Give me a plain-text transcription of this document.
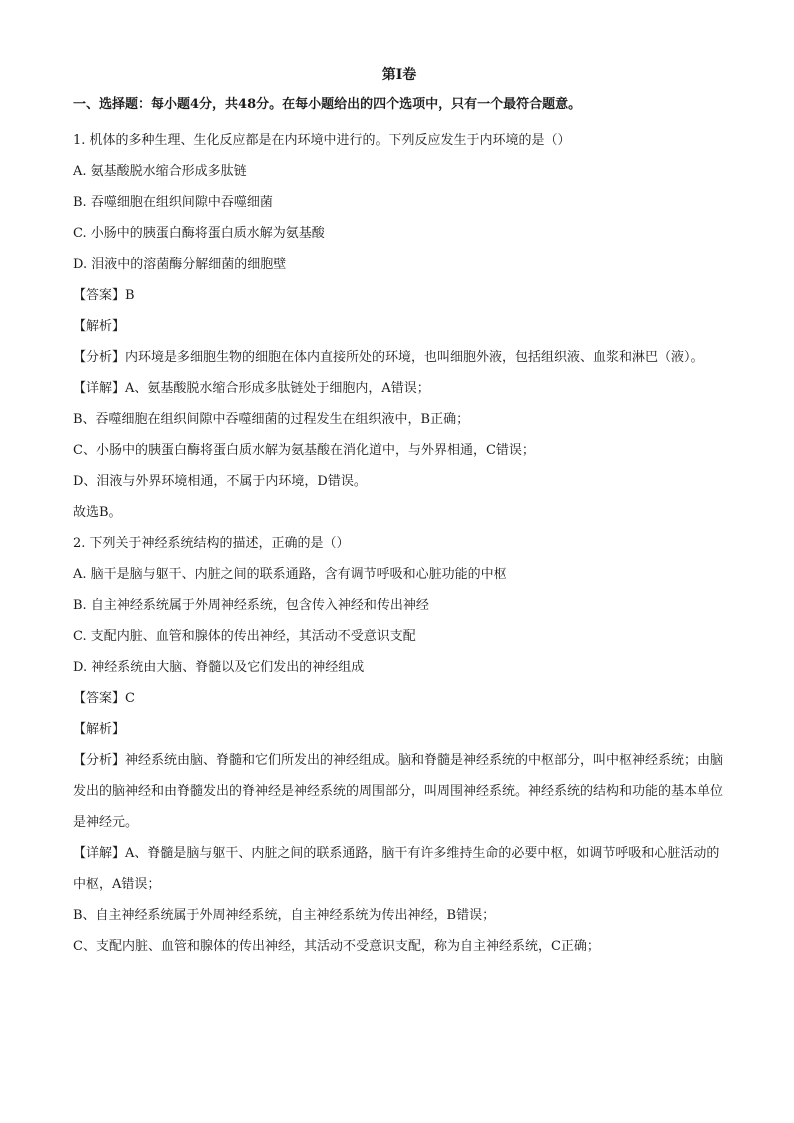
第Ⅰ卷
一、选择题：每小题4分，共48分。在每小题给出的四个选项中，只有一个最符合题意。
1. 机体的多种生理、生化反应都是在内环境中进行的。下列反应发生于内环境的是（）
A. 氨基酸脱水缩合形成多肽链
B. 吞噬细胞在组织间隙中吞噬细菌
C. 小肠中的胰蛋白酶将蛋白质水解为氨基酸
D. 泪液中的溶菌酶分解细菌的细胞壁
【答案】B
【解析】
【分析】内环境是多细胞生物的细胞在体内直接所处的环境，也叫细胞外液，包括组织液、血浆和淋巴（液）。
【详解】A、氨基酸脱水缩合形成多肽链处于细胞内，A错误；
B、吞噬细胞在组织间隙中吞噬细菌的过程发生在组织液中，B正确；
C、小肠中的胰蛋白酶将蛋白质水解为氨基酸在消化道中，与外界相通，C错误；
D、泪液与外界环境相通，不属于内环境，D错误。
故选B。
2. 下列关于神经系统结构的描述，正确的是（）
A. 脑干是脑与躯干、内脏之间的联系通路，含有调节呼吸和心脏功能的中枢
B. 自主神经系统属于外周神经系统，包含传入神经和传出神经
C. 支配内脏、血管和腺体的传出神经，其活动不受意识支配
D. 神经系统由大脑、脊髓以及它们发出的神经组成
【答案】C
【解析】
【分析】神经系统由脑、脊髓和它们所发出的神经组成。脑和脊髓是神经系统的中枢部分，叫中枢神经系统；由脑发出的脑神经和由脊髓发出的脊神经是神经系统的周围部分，叫周围神经系统。神经系统的结构和功能的基本单位是神经元。
【详解】A、脊髓是脑与躯干、内脏之间的联系通路，脑干有许多维持生命的必要中枢，如调节呼吸和心脏活动的中枢，A错误；
B、自主神经系统属于外周神经系统，自主神经系统为传出神经，B错误；
C、支配内脏、血管和腺体的传出神经，其活动不受意识支配，称为自主神经系统，C正确；
